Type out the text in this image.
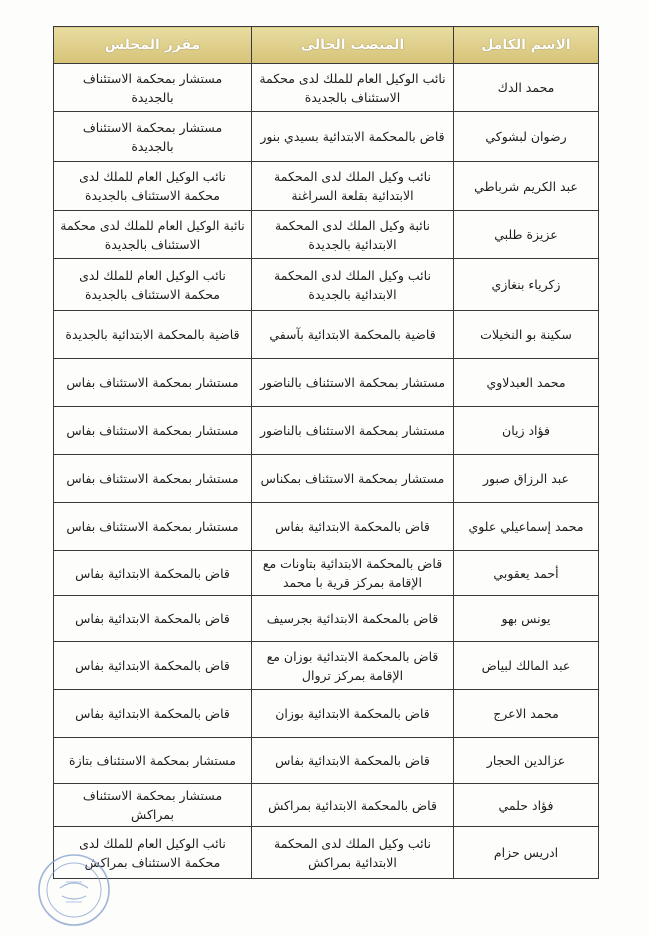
الاسم الكامل	المنصب الحالي	مقرر المجلس
محمد الدك	نائب الوكيل العام للملك لدى محكمة الاستئناف بالجديدة	مستشار بمحكمة الاستئناف بالجديدة
رضوان لبشوكي	قاض بالمحكمة الابتدائية بسيدي بنور	مستشار بمحكمة الاستئناف بالجديدة
عبد الكريم شرباطي	نائب وكيل الملك لدى المحكمة الابتدائية بقلعة السراغنة	نائب الوكيل العام للملك لدى محكمة الاستئناف بالجديدة
عزيزة طلبي	نائبة وكيل الملك لدى المحكمة الابتدائية بالجديدة	نائبة الوكيل العام للملك لدى محكمة الاستئناف بالجديدة
زكرياء بنغازي	نائب وكيل الملك لدى المحكمة الابتدائية بالجديدة	نائب الوكيل العام للملك لدى محكمة الاستئناف بالجديدة
سكينة بو النخيلات	قاضية بالمحكمة الابتدائية بآسفي	قاضية بالمحكمة الابتدائية بالجديدة
محمد العبدلاوي	مستشار بمحكمة الاستئناف بالناضور	مستشار بمحكمة الاستئناف بفاس
فؤاد زيان	مستشار بمحكمة الاستئناف بالناضور	مستشار بمحكمة الاستئناف بفاس
عبد الرزاق صبور	مستشار بمحكمة الاستئناف بمكناس	مستشار بمحكمة الاستئناف بفاس
محمد إسماعيلي علوي	قاض بالمحكمة الابتدائية بفاس	مستشار بمحكمة الاستئناف بفاس
أحمد يعقوبي	قاض بالمحكمة الابتدائية بتاونات مع الإقامة بمركز قرية با محمد	قاض بالمحكمة الابتدائية بفاس
يونس بهو	قاض بالمحكمة الابتدائية بجرسيف	قاض بالمحكمة الابتدائية بفاس
عبد المالك لبياض	قاض بالمحكمة الابتدائية بوزان مع الإقامة بمركز تروال	قاض بالمحكمة الابتدائية بفاس
محمد الاعرج	قاض بالمحكمة الابتدائية بوزان	قاض بالمحكمة الابتدائية بفاس
عزالدين الحجار	قاض بالمحكمة الابتدائية بفاس	مستشار بمحكمة الاستئناف بتازة
فؤاد حلمي	قاض بالمحكمة الابتدائية بمراكش	مستشار بمحكمة الاستئناف بمراكش
ادريس حزام	نائب وكيل الملك لدى المحكمة الابتدائية بمراكش	نائب الوكيل العام للملك لدى محكمة الاستئناف بمراكش
